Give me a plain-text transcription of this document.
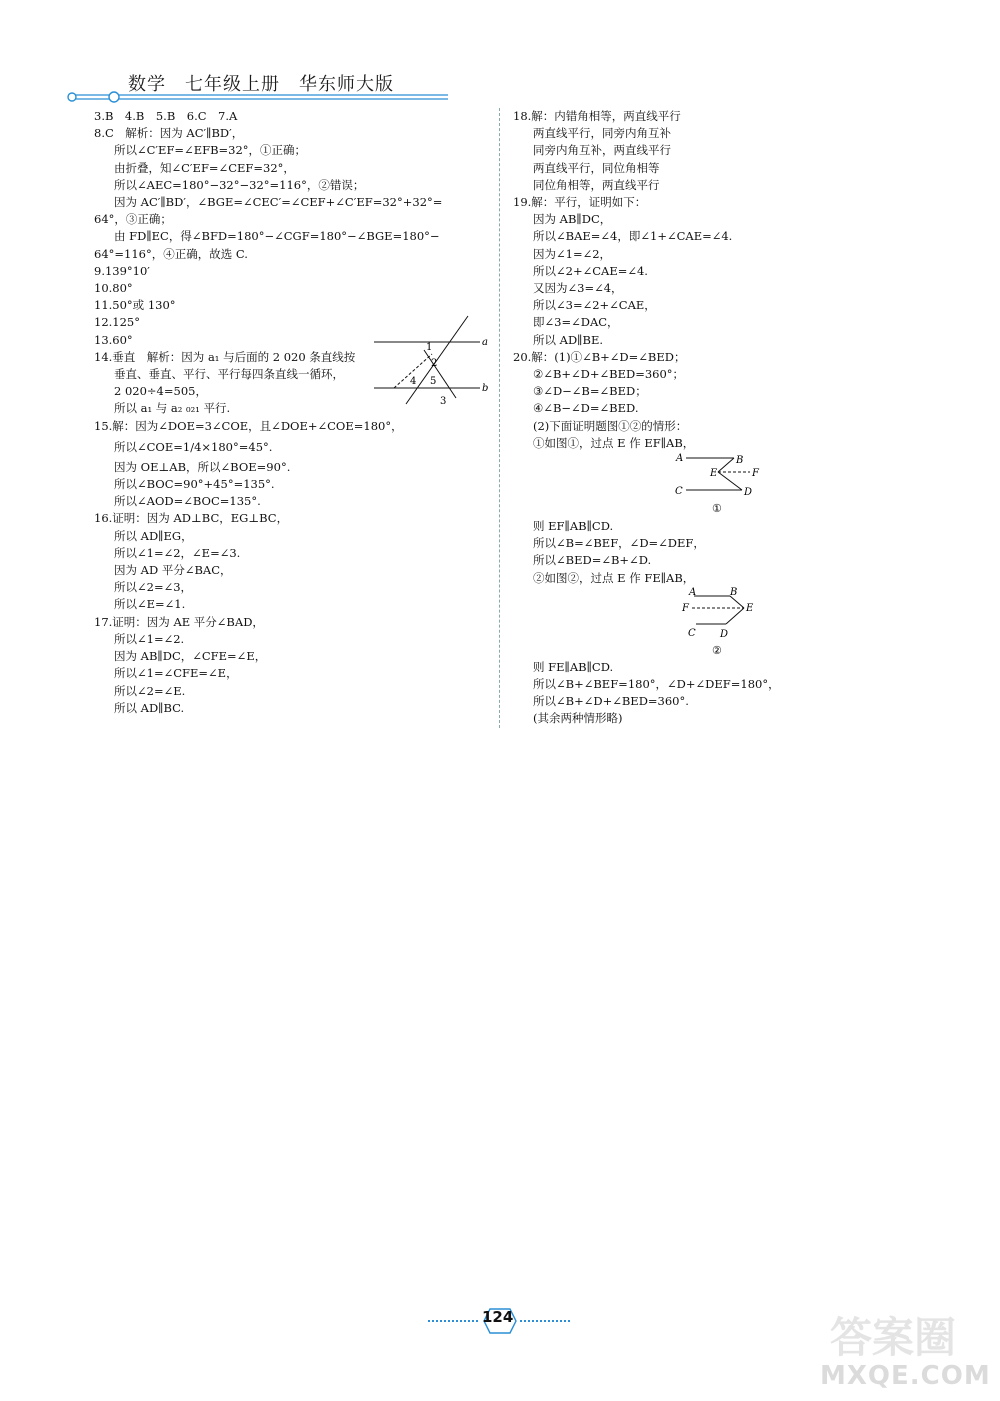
数学　七年级上册　华东师大版
3.B　4.B　5.B　6.C　7.A
8.C　解析：因为 AC′∥BD′，
所以∠C′EF=∠EFB=32°，①正确；
由折叠，知∠C′EF=∠CEF=32°，
所以∠AEC=180°−32°−32°=116°，②错误；
因为 AC′∥BD′，∠BGE=∠CEC′=∠CEF+∠C′EF=32°+32°=
64°，③正确；
由 FD∥EC，得∠BFD=180°−∠CGF=180°−∠BGE=180°−
64°=116°，④正确，故选 C.
9.139°10′
10.80°
11.50°或 130°
12.125°
13.60°
14.垂直　解析：因为 a₁ 与后面的 2 020 条直线按
垂直、垂直、平行、平行每四条直线一循环，
2 020÷4=505，
所以 a₁ 与 a₂ ₀₂₁ 平行.
15.解：因为∠DOE=3∠COE，且∠DOE+∠COE=180°，
所以∠COE=1/4×180°=45°.
因为 OE⊥AB，所以∠BOE=90°.
所以∠BOC=90°+45°=135°.
所以∠AOD=∠BOC=135°.
16.证明：因为 AD⊥BC，EG⊥BC，
所以 AD∥EG，
所以∠1=∠2，∠E=∠3.
因为 AD 平分∠BAC，
所以∠2=∠3，
所以∠E=∠1.
17.证明：因为 AE 平分∠BAD，
所以∠1=∠2.
因为 AB∥DC，∠CFE=∠E，
所以∠1=∠CFE=∠E，
所以∠2=∠E.
所以 AD∥BC.
a
b
1
2
3
4 5
18.解：内错角相等，两直线平行
两直线平行，同旁内角互补
同旁内角互补，两直线平行
两直线平行，同位角相等
同位角相等，两直线平行
19.解：平行，证明如下：
因为 AB∥DC，
所以∠BAE=∠4，即∠1+∠CAE=∠4.
因为∠1=∠2，
所以∠2+∠CAE=∠4.
又因为∠3=∠4，
所以∠3=∠2+∠CAE，
即∠3=∠DAC，
所以 AD∥BE.
20.解：(1)①∠B+∠D=∠BED；
②∠B+∠D+∠BED=360°；
③∠D−∠B=∠BED；
④∠B−∠D=∠BED.
(2)下面证明题图①②的情形：
①如图①，过点 E 作 EF∥AB，
则 EF∥AB∥CD.
所以∠B=∠BEF，∠D=∠DEF，
所以∠BED=∠B+∠D.
②如图②，过点 E 作 FE∥AB，
则 FE∥AB∥CD.
所以∠B+∠BEF=180°，∠D+∠DEF=180°，
所以∠B+∠D+∠BED=360°.
(其余两种情形略)
A	B
E	F
C	D
①
A	B
F	E
C D
②
124	答案圈
MXQE.COM
